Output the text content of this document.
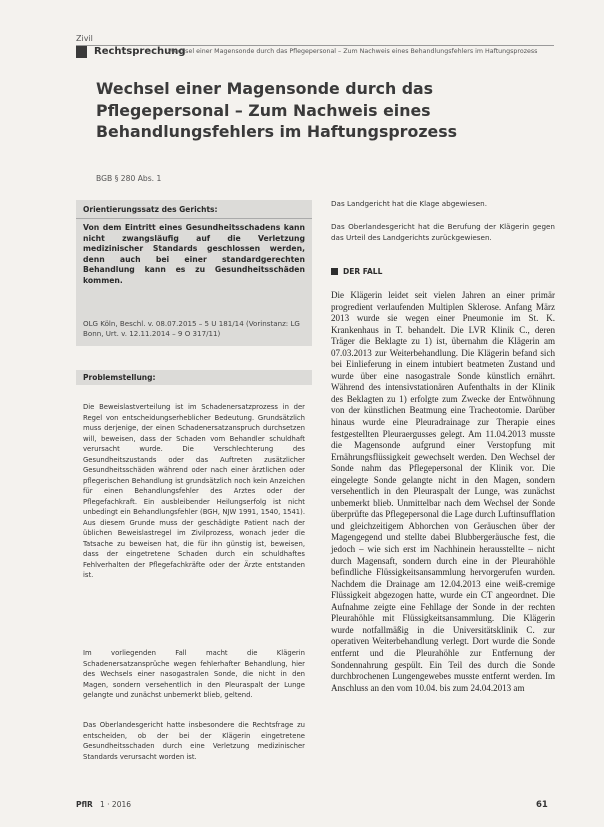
Zivil
Rechtsprechung
Wechsel einer Magensonde durch das Pflegepersonal – Zum Nachweis eines Behandlungsfehlers im Haftungsprozess
Wechsel einer Magensonde durch das Pflegepersonal – Zum Nachweis eines Behandlungsfehlers im Haftungsprozess
BGB § 280 Abs. 1
Orientierungssatz des Gerichts:
Von dem Eintritt eines Gesundheitsschadens kann nicht zwangsläufig auf die Verletzung medizinischer Standards geschlossen werden, denn auch bei einer standardgerechten Behandlung kann es zu Gesundheitsschäden kommen.
OLG Köln, Beschl. v. 08.07.2015 – 5 U 181/14 (Vorinstanz: LG Bonn, Urt. v. 12.11.2014 – 9 O 317/11)
Problemstellung:
Die Beweislastverteilung ist im Schadenersatzprozess in der Regel von entscheidungserheblicher Bedeutung. Grundsätzlich muss derjenige, der einen Schadenersatzanspruch durchsetzen will, beweisen, dass der Schaden vom Behandler schuldhaft verursacht wurde. Die Verschlechterung des Gesundheitszustands oder das Auftreten zusätzlicher Gesundheitsschäden während oder nach einer ärztlichen oder pflegerischen Behandlung ist grundsätzlich noch kein Anzeichen für einen Behandlungsfehler des Arztes oder der Pflegefachkraft. Ein ausbleibender Heilungserfolg ist nicht unbedingt ein Behandlungsfehler (BGH, NJW 1991, 1540, 1541). Aus diesem Grunde muss der geschädigte Patient nach der üblichen Beweislastregel im Zivilprozess, wonach jeder die Tatsache zu beweisen hat, die für ihn günstig ist, beweisen, dass der eingetretene Schaden durch ein schuldhaftes Fehlverhalten der Pflegefachkräfte oder der Ärzte entstanden ist.
Im vorliegenden Fall macht die Klägerin Schadenersatzansprüche wegen fehlerhafter Behandlung, hier des Wechsels einer nasogastralen Sonde, die nicht in den Magen, sondern versehentlich in den Pleuraspalt der Lunge gelangte und zunächst unbemerkt blieb, geltend.
Das Oberlandesgericht hatte insbesondere die Rechtsfrage zu entscheiden, ob der bei der Klägerin eingetretene Gesundheitsschaden durch eine Verletzung medizinischer Standards verursacht worden ist.
Das Landgericht hat die Klage abgewiesen.
Das Oberlandesgericht hat die Berufung der Klägerin gegen das Urteil des Landgerichts zurückgewiesen.
DER FALL
Die Klägerin leidet seit vielen Jahren an einer primär progredient verlaufenden Multiplen Sklerose. Anfang März 2013 wurde sie wegen einer Pneumonie im St. K. Krankenhaus in T. behandelt. Die LVR Klinik C., deren Träger die Beklagte zu 1) ist, übernahm die Klägerin am 07.03.2013 zur Weiterbehandlung. Die Klägerin befand sich bei Einlieferung in einem intubiert beatmeten Zustand und wurde über eine nasogastrale Sonde künstlich ernährt. Während des intensivstationären Aufenthalts in der Klinik des Beklagten zu 1) erfolgte zum Zwecke der Entwöhnung von der künstlichen Beatmung eine Tracheotomie. Darüber hinaus wurde eine Pleuradrainage zur Therapie eines festgestellten Pleuraergusses gelegt. Am 11.04.2013 musste die Magensonde aufgrund einer Verstopfung mit Ernährungsflüssigkeit gewechselt werden. Den Wechsel der Sonde nahm das Pflegepersonal der Klinik vor. Die eingelegte Sonde gelangte nicht in den Magen, sondern versehentlich in den Pleuraspalt der Lunge, was zunächst unbemerkt blieb. Unmittelbar nach dem Wechsel der Sonde überprüfte das Pflegepersonal die Lage durch Luftinsufflation und gleichzeitigem Abhorchen von Geräuschen über der Magengegend und stellte dabei Blubbergeräusche fest, die jedoch – wie sich erst im Nachhinein herausstellte – nicht durch Magensaft, sondern durch eine in der Pleurahöhle befindliche Flüssigkeitsansammlung hervorgerufen wurden. Nachdem die Drainage am 12.04.2013 eine weiß-cremige Flüssigkeit abgezogen hatte, wurde ein CT angeordnet. Die Aufnahme zeigte eine Fehllage der Sonde in der rechten Pleurahöhle mit Flüssigkeitsansammlung. Die Klägerin wurde notfallmäßig in die Universitätsklinik C. zur operativen Weiterbehandlung verlegt. Dort wurde die Sonde entfernt und die Pleurahöhle zur Entfernung der Sondennahrung gespült. Ein Teil des durch die Sonde durchbrochenen Lungengewebes musste entfernt werden. Im Anschluss an den vom 10.04. bis zum 24.04.2013 am
PflR 1 · 2016	61
